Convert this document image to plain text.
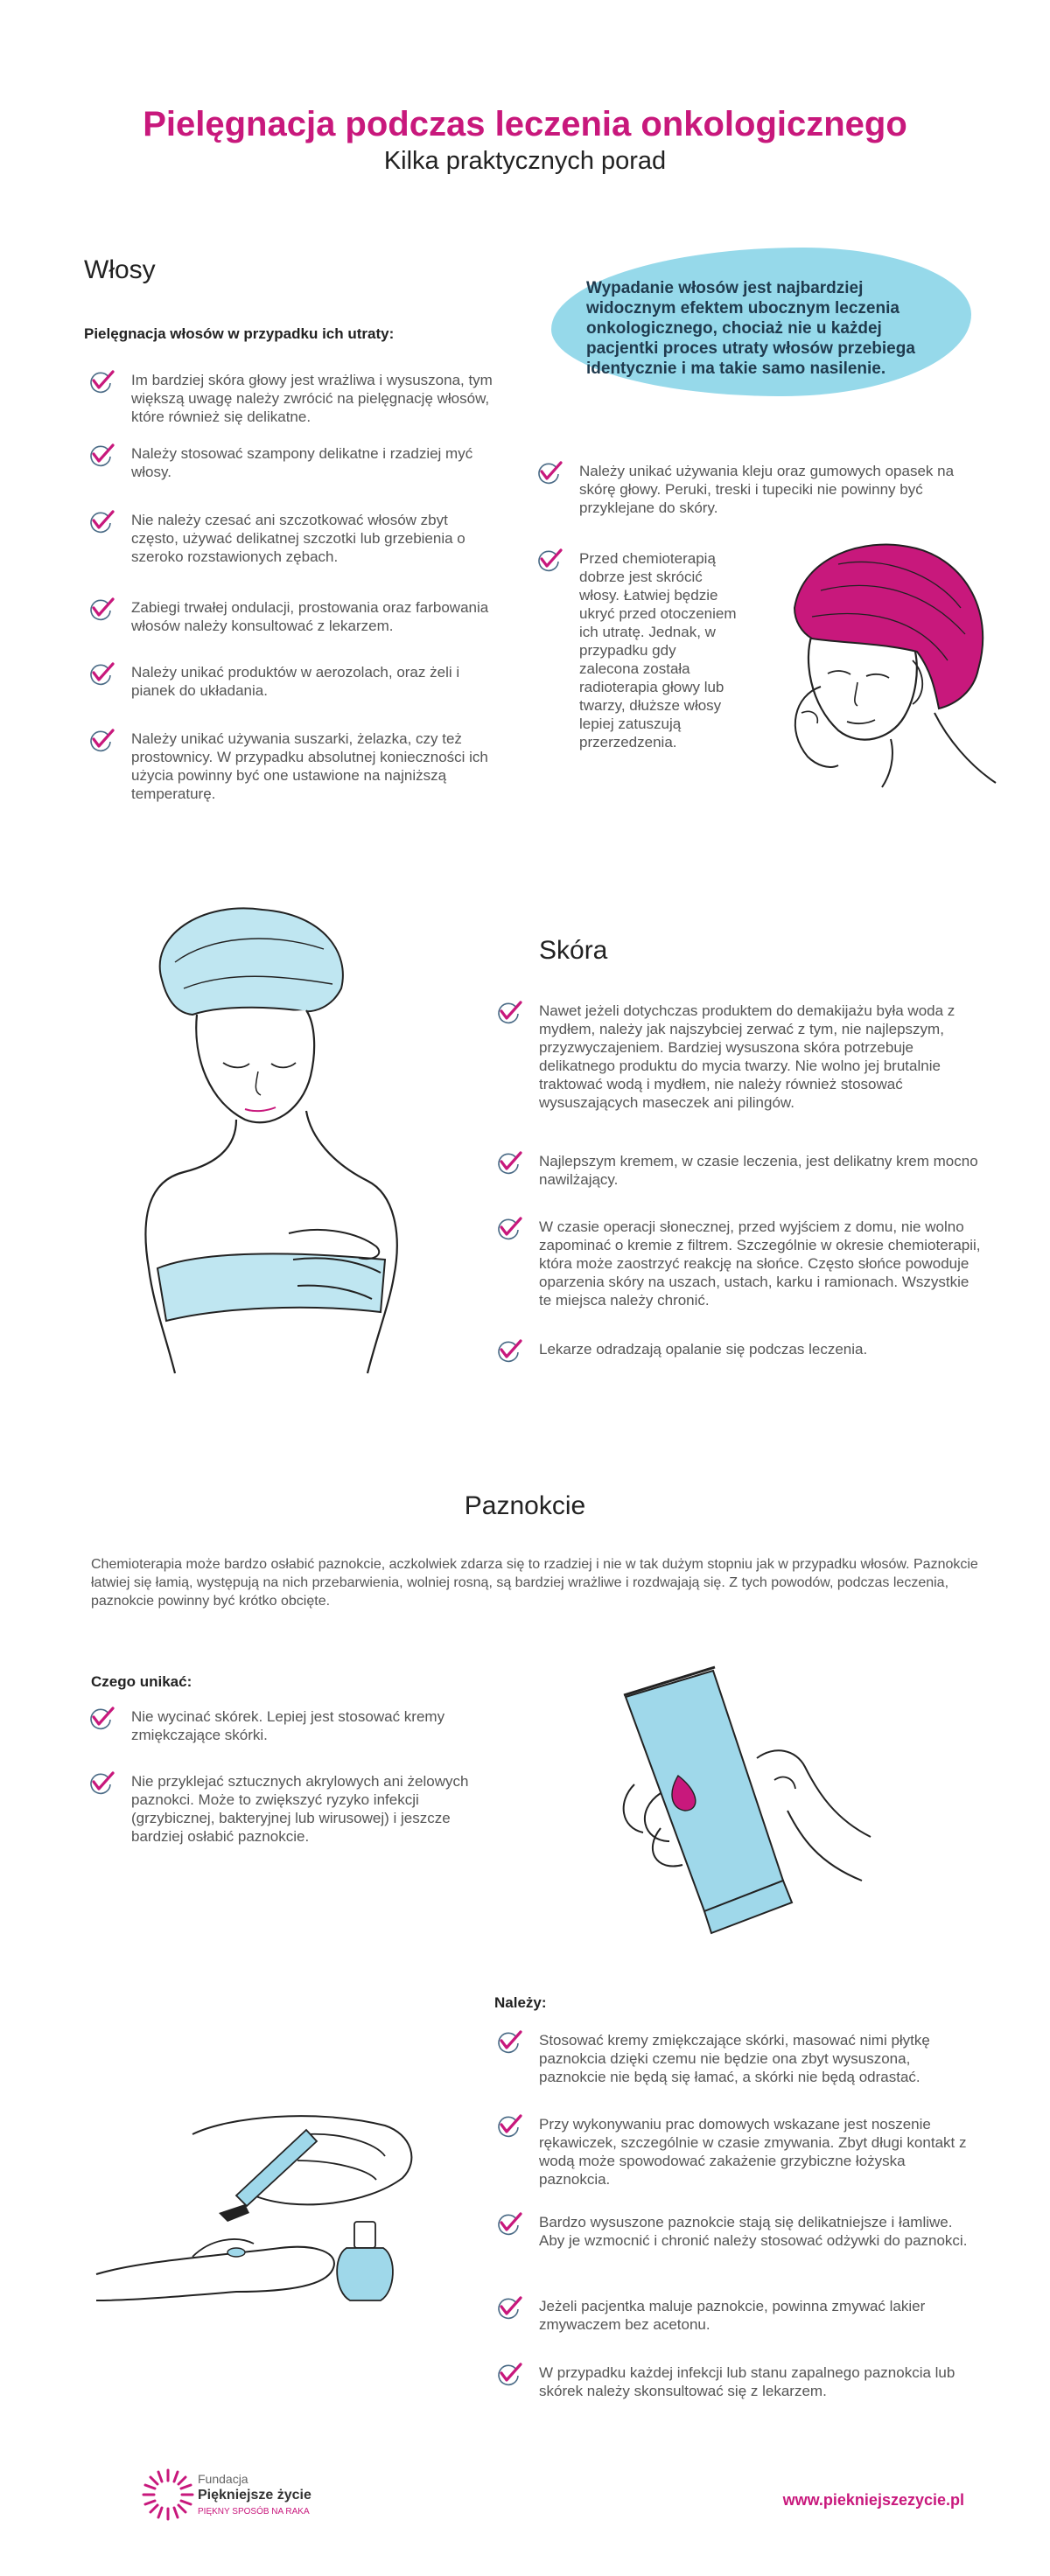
Pielęgnacja podczas leczenia onkologicznego
Kilka praktycznych porad
Włosy
Pielęgnacja włosów w przypadku ich utraty:
Wypadanie włosów jest najbardziej widocznym efektem ubocznym leczenia onkologicznego, chociaż nie u każdej pacjentki proces utraty włosów przebiega identycznie i ma takie samo nasilenie.
Im bardziej skóra głowy jest wrażliwa i wysuszona, tym większą uwagę należy zwrócić na pielęgnację włosów, które również się delikatne.
Należy stosować szampony delikatne i rzadziej myć włosy.
Nie należy czesać ani szczotkować włosów zbyt często, używać delikatnej szczotki lub grzebienia o szeroko rozstawionych zębach.
Zabiegi trwałej ondulacji, prostowania oraz farbowania włosów należy konsultować z lekarzem.
Należy unikać produktów w aerozolach, oraz żeli i pianek do układania.
Należy unikać używania suszarki, żelazka, czy też prostownicy. W przypadku absolutnej konieczności ich użycia powinny być one ustawione na najniższą temperaturę.
Należy unikać używania kleju oraz gumowych opasek na skórę głowy. Peruki, treski i tupeciki nie powinny być przyklejane do skóry.
Przed chemioterapią dobrze jest skrócić włosy. Łatwiej będzie ukryć przed otoczeniem ich utratę. Jednak, w przypadku gdy zalecona została radioterapia głowy lub twarzy, dłuższe włosy lepiej zatuszują przerzedzenia.
Skóra
Nawet jeżeli dotychczas produktem do demakijażu była woda z mydłem, należy jak najszybciej zerwać z tym, nie najlepszym, przyzwyczajeniem. Bardziej wysuszona skóra potrzebuje delikatnego produktu do mycia twarzy. Nie wolno jej brutalnie traktować wodą i mydłem, nie należy również stosować wysuszających maseczek ani pilingów.
Najlepszym kremem, w czasie leczenia, jest delikatny krem mocno nawilżający.
W czasie operacji słonecznej, przed wyjściem z domu, nie wolno zapominać o kremie z filtrem. Szczególnie w okresie chemioterapii, która może zaostrzyć reakcję na słońce. Często słońce powoduje oparzenia skóry na uszach, ustach, karku i ramionach. Wszystkie te miejsca należy chronić.
Lekarze odradzają opalanie się podczas leczenia.
Paznokcie
Chemioterapia może bardzo osłabić paznokcie, aczkolwiek zdarza się to rzadziej i nie w tak dużym stopniu jak w przypadku włosów. Paznokcie łatwiej się łamią, występują na nich przebarwienia, wolniej rosną, są bardziej wrażliwe i rozdwajają się. Z tych powodów, podczas leczenia, paznokcie powinny być krótko obcięte.
Czego unikać:
Nie wycinać skórek. Lepiej jest stosować kremy zmiękczające skórki.
Nie przyklejać sztucznych akrylowych ani żelowych paznokci. Może to zwiększyć ryzyko infekcji (grzybicznej, bakteryjnej lub wirusowej) i jeszcze bardziej osłabić paznokcie.
Należy:
Stosować kremy zmiękczające skórki, masować nimi płytkę paznokcia dzięki czemu nie będzie ona zbyt wysuszona, paznokcie nie będą się łamać, a skórki nie będą odrastać.
Przy wykonywaniu prac domowych wskazane jest noszenie rękawiczek, szczególnie w czasie zmywania. Zbyt długi kontakt z wodą może spowodować zakażenie grzybiczne łożyska paznokcia.
Bardzo wysuszone paznokcie stają się delikatniejsze i łamliwe. Aby je wzmocnić i chronić należy stosować odżywki do paznokci.
Jeżeli pacjentka maluje paznokcie, powinna zmywać lakier zmywaczem bez acetonu.
W przypadku każdej infekcji lub stanu zapalnego paznokcia lub skórek należy skonsultować się z lekarzem.
Fundacja
Piękniejsze życie
PIĘKNY SPOSÓB NA RAKA
www.piekniejszezycie.pl
